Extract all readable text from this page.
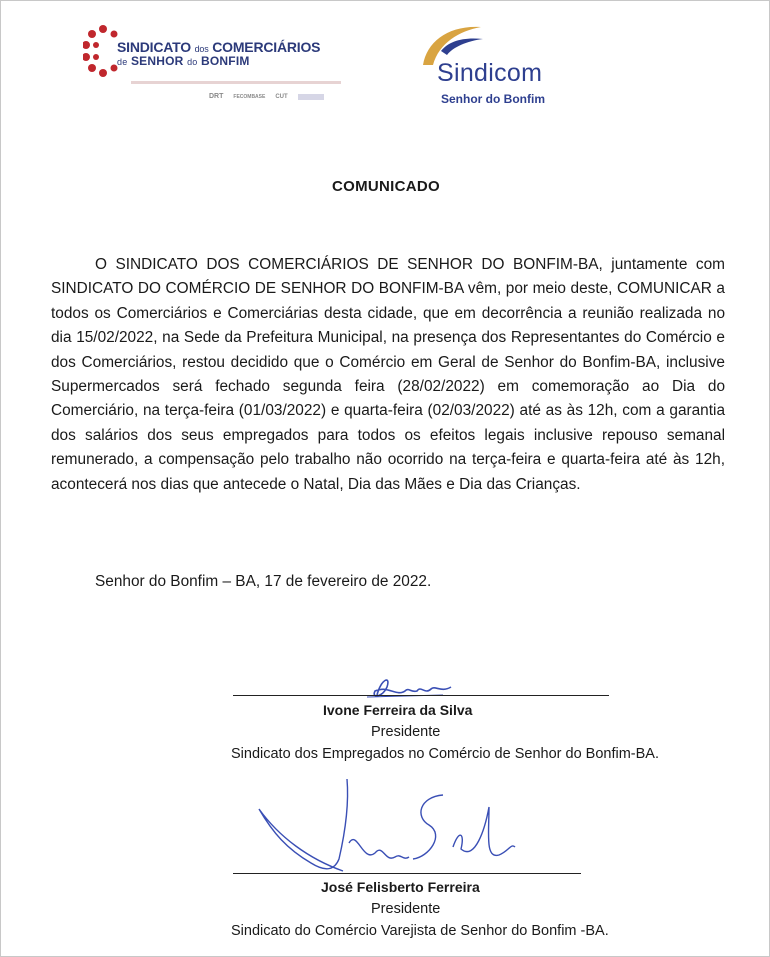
SINDICATO dos COMERCIÁRIOS
de SENHOR do BONFIM
DRT FECOMBASE CUT
Sindicom
Senhor do Bonfim
COMUNICADO
O SINDICATO DOS COMERCIÁRIOS DE SENHOR DO BONFIM-BA, juntamente com SINDICATO DO COMÉRCIO DE SENHOR DO BONFIM-BA vêm, por meio deste, COMUNICAR a todos os Comerciários e Comerciárias desta cidade, que em decorrência a reunião realizada no dia 15/02/2022, na Sede da Prefeitura Municipal, na presença dos Representantes do Comércio e dos Comerciários, restou decidido que o Comércio em Geral de Senhor do Bonfim-BA, inclusive Supermercados será fechado segunda feira (28/02/2022) em comemoração ao Dia do Comerciário, na terça-feira (01/03/2022) e quarta-feira (02/03/2022) até as às 12h, com a garantia dos salários dos seus empregados para todos os efeitos legais inclusive repouso semanal remunerado, a compensação pelo trabalho não ocorrido na terça-feira e quarta-feira até às 12h, acontecerá nos dias que antecede o Natal, Dia das Mães e Dia das Crianças.
Senhor do Bonfim – BA, 17 de fevereiro de 2022.
Ivone Ferreira da Silva
Presidente
Sindicato dos Empregados no Comércio de Senhor do Bonfim-BA.
José Felisberto Ferreira
Presidente
Sindicato do Comércio Varejista de Senhor do Bonfim -BA.
